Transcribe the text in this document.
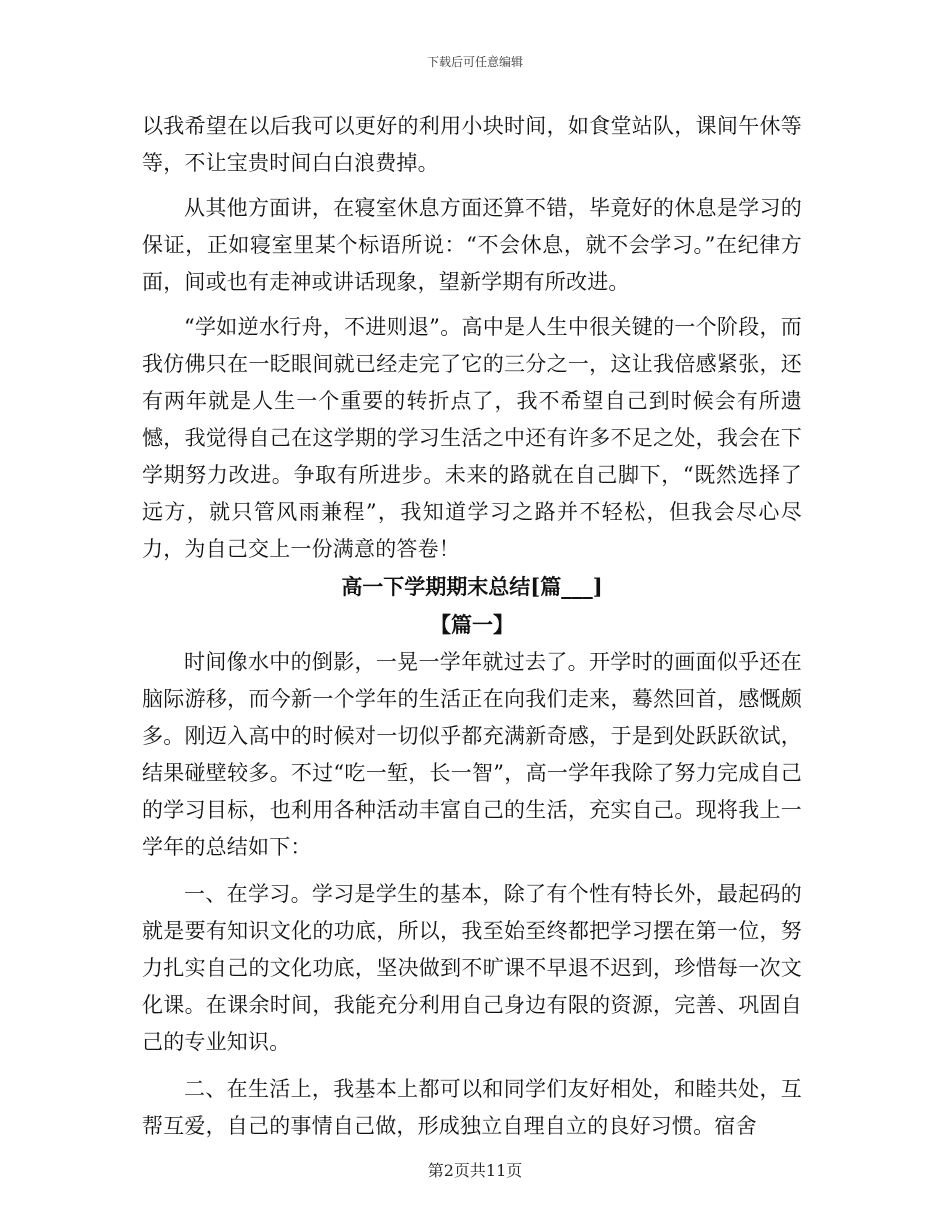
下载后可任意编辑

以我希望在以后我可以更好的利用小块时间，如食堂站队，课间午休等等，不让宝贵时间白白浪费掉。

从其他方面讲，在寝室休息方面还算不错，毕竟好的休息是学习的保证，正如寝室里某个标语所说：“不会休息，就不会学习。”在纪律方面，间或也有走神或讲话现象，望新学期有所改进。

“学如逆水行舟，不进则退”。高中是人生中很关键的一个阶段，而我仿佛只在一眨眼间就已经走完了它的三分之一，这让我倍感紧张，还有两年就是人生一个重要的转折点了，我不希望自己到时候会有所遗憾，我觉得自己在这学期的学习生活之中还有许多不足之处，我会在下学期努力改进。争取有所进步。未来的路就在自己脚下，“既然选择了远方，就只管风雨兼程”，我知道学习之路并不轻松，但我会尽心尽力，为自己交上一份满意的答卷！

高一下学期期末总结[篇___]
【篇一】

时间像水中的倒影，一晃一学年就过去了。开学时的画面似乎还在脑际游移，而今新一个学年的生活正在向我们走来，蓦然回首，感慨颇多。刚迈入高中的时候对一切似乎都充满新奇感，于是到处跃跃欲试，结果碰壁较多。不过“吃一堑，长一智”，高一学年我除了努力完成自己的学习目标，也利用各种活动丰富自己的生活，充实自己。现将我上一学年的总结如下：

一、在学习。学习是学生的基本，除了有个性有特长外，最起码的就是要有知识文化的功底，所以，我至始至终都把学习摆在第一位，努力扎实自己的文化功底，坚决做到不旷课不早退不迟到，珍惜每一次文化课。在课余时间，我能充分利用自己身边有限的资源，完善、巩固自己的专业知识。

二、在生活上，我基本上都可以和同学们友好相处，和睦共处，互帮互爱，自己的事情自己做，形成独立自理自立的良好习惯。宿舍

第2页共11页
